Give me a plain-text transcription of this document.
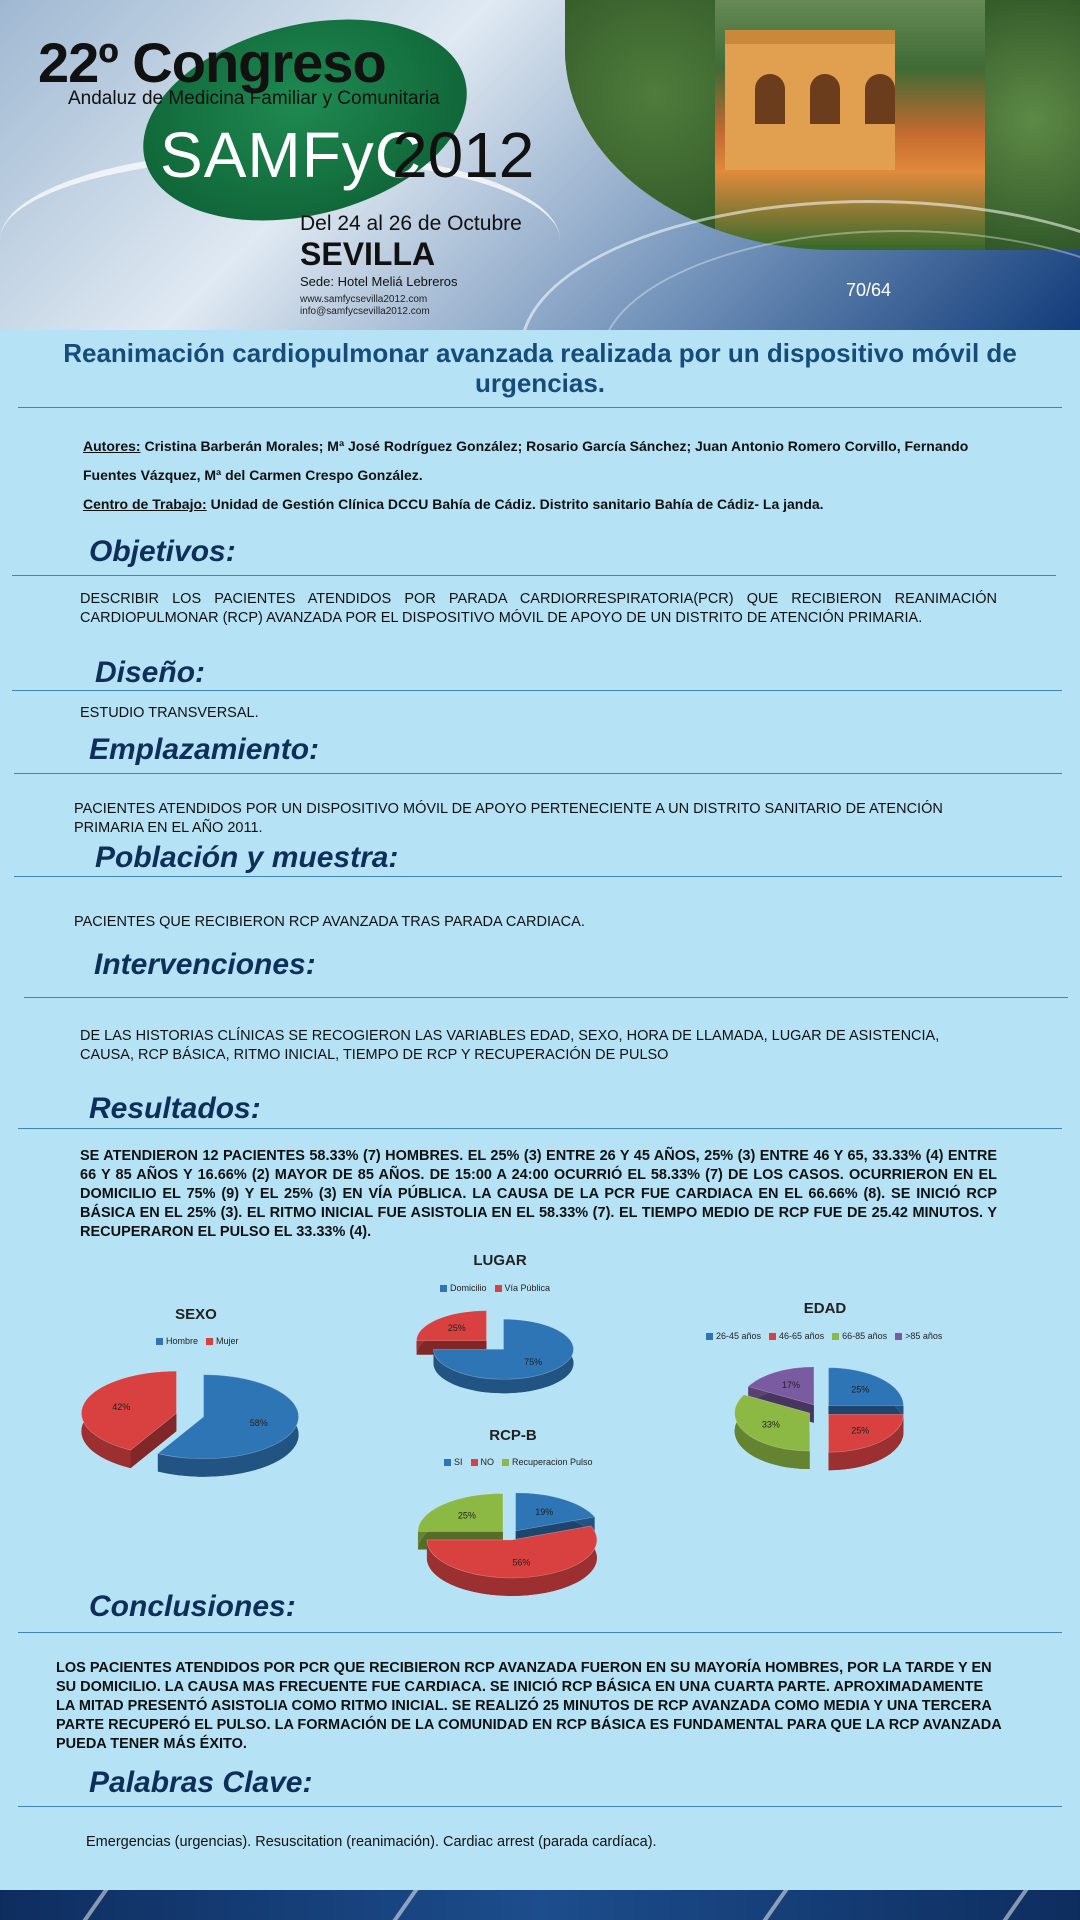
22º Congreso
Andaluz de Medicina Familiar y Comunitaria
SAMFyC
2012
Del 24 al 26 de Octubre
SEVILLA
Sede: Hotel Meliá Lebreros
www.samfycsevilla2012.com
info@samfycsevilla2012.com
70/64
Reanimación cardiopulmonar avanzada realizada por un dispositivo móvil de urgencias.
Autores: Cristina Barberán Morales; Mª José Rodríguez González; Rosario García Sánchez; Juan Antonio Romero Corvillo, Fernando Fuentes Vázquez, Mª del Carmen Crespo González.
Centro de Trabajo: Unidad de Gestión Clínica DCCU Bahía de Cádiz. Distrito sanitario Bahía de Cádiz- La janda.
Objetivos:
DESCRIBIR LOS PACIENTES ATENDIDOS POR PARADA CARDIORRESPIRATORIA(PCR) QUE RECIBIERON REANIMACIÓN CARDIOPULMONAR (RCP) AVANZADA POR EL DISPOSITIVO MÓVIL DE APOYO DE UN DISTRITO DE ATENCIÓN PRIMARIA.
Diseño:
ESTUDIO TRANSVERSAL.
Emplazamiento:
PACIENTES ATENDIDOS POR UN DISPOSITIVO MÓVIL DE APOYO PERTENECIENTE A UN DISTRITO SANITARIO DE ATENCIÓN PRIMARIA EN EL AÑO 2011.
Población y muestra:
PACIENTES QUE RECIBIERON RCP AVANZADA TRAS PARADA CARDIACA.
Intervenciones:
DE LAS HISTORIAS CLÍNICAS SE RECOGIERON LAS VARIABLES EDAD, SEXO, HORA DE LLAMADA, LUGAR DE ASISTENCIA, CAUSA, RCP BÁSICA, RITMO INICIAL, TIEMPO DE RCP Y RECUPERACIÓN DE PULSO
Resultados:
SE ATENDIERON 12 PACIENTES 58.33% (7) HOMBRES. EL 25% (3) ENTRE 26 Y 45 AÑOS, 25% (3) ENTRE 46 Y 65, 33.33% (4) ENTRE 66 Y 85 AÑOS Y 16.66% (2) MAYOR DE 85 AÑOS. DE 15:00 A 24:00 OCURRIÓ EL 58.33% (7) DE LOS CASOS. OCURRIERON EN EL DOMICILIO EL 75% (9) Y EL 25% (3) EN VÍA PÚBLICA. LA CAUSA DE LA PCR FUE CARDIACA EN EL 66.66% (8). SE INICIÓ RCP BÁSICA EN EL 25% (3). EL RITMO INICIAL FUE ASISTOLIA EN EL 58.33% (7). EL TIEMPO MEDIO DE RCP FUE DE 25.42 MINUTOS. Y RECUPERARON EL PULSO EL 33.33% (4).
SEXO
Hombre	Mujer
58%
42%
LUGAR
Domicilio	Vía Pública
75%
25%
EDAD
26-45 años	46-65 años	66-85 años	>85 años
25%
25%
33%
17%
RCP-B
SI	NO	Recuperacion Pulso
19%
56%
25%
Conclusiones:
LOS PACIENTES ATENDIDOS POR PCR QUE RECIBIERON RCP AVANZADA FUERON EN SU MAYORÍA HOMBRES, POR LA TARDE Y EN SU DOMICILIO. LA CAUSA MAS FRECUENTE FUE CARDIACA. SE INICIÓ RCP BÁSICA EN UNA CUARTA PARTE. APROXIMADAMENTE LA MITAD PRESENTÓ ASISTOLIA COMO RITMO INICIAL. SE REALIZÓ 25 MINUTOS DE RCP AVANZADA COMO MEDIA Y UNA TERCERA PARTE RECUPERÓ EL PULSO. LA FORMACIÓN DE LA COMUNIDAD EN RCP BÁSICA ES FUNDAMENTAL PARA QUE LA RCP AVANZADA PUEDA TENER MÁS ÉXITO.
Palabras Clave:
Emergencias (urgencias). Resuscitation (reanimación). Cardiac arrest (parada cardíaca).
